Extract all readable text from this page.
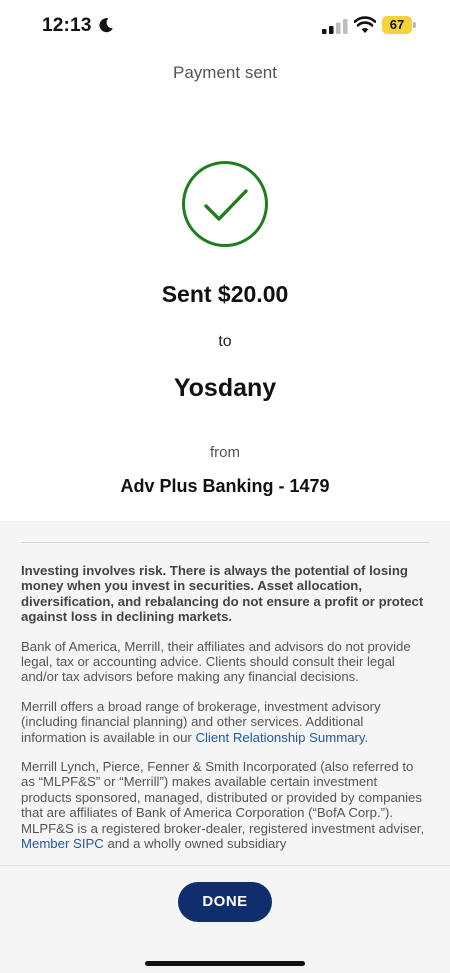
12:13	67
Payment sent
Sent $20.00
to
Yosdany
from
Adv Plus Banking - 1479

Investing involves risk. There is always the potential of losing money when you invest in securities. Asset allocation, diversification, and rebalancing do not ensure a profit or protect against loss in declining markets.

Bank of America, Merrill, their affiliates and advisors do not provide legal, tax or accounting advice. Clients should consult their legal and/or tax advisors before making any financial decisions.

Merrill offers a broad range of brokerage, investment advisory (including financial planning) and other services. Additional information is available in our Client Relationship Summary.

Merrill Lynch, Pierce, Fenner & Smith Incorporated (also referred to as “MLPF&S” or “Merrill”) makes available certain investment products sponsored, managed, distributed or provided by companies that are affiliates of Bank of America Corporation (“BofA Corp.”). MLPF&S is a registered broker-dealer, registered investment adviser, Member SIPC and a wholly owned subsidiary

DONE
